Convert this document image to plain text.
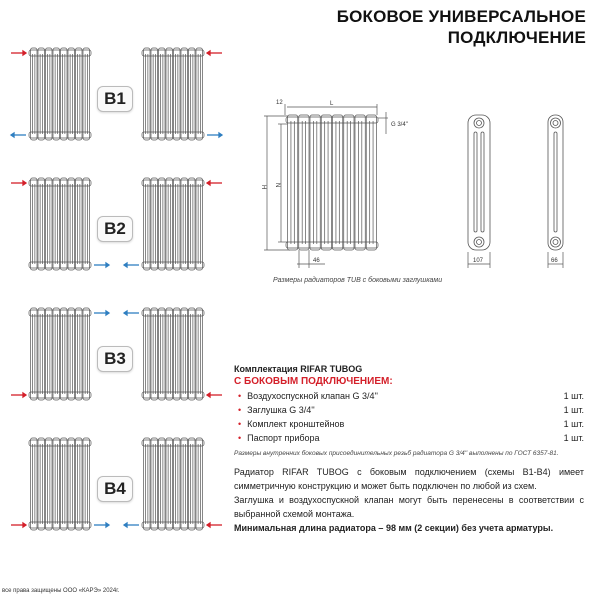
БОКОВОЕ УНИВЕРСАЛЬНОЕ
ПОДКЛЮЧЕНИЕ
B1
B2
B3
B4
12	L
G 3/4''
H N
46	107	66
Размеры радиаторов TUB с боковыми заглушками
Комплектация RIFAR TUBOG
С БОКОВЫМ ПОДКЛЮЧЕНИЕМ:
• Воздухоспускной клапан G 3/4''	1 шт.
• Заглушка G 3/4''	1 шт.
• Комплект кронштейнов	1 шт.
• Паспорт прибора	1 шт.
Размеры внутренних боковых присоединительных резьб радиатора G 3/4'' выполнены по ГОСТ 6357-81.
Радиатор RIFAR TUBOG с боковым подключением (схемы В1-В4) имеет симметричную конструкцию и может быть подключен по любой из схем.
Заглушка и воздухоспускной клапан могут быть перенесены в соответствии с выбранной схемой монтажа.
Минимальная длина радиатора – 98 мм (2 секции) без учета арматуры.
все права защищены ООО «КАРЭ» 2024г.
